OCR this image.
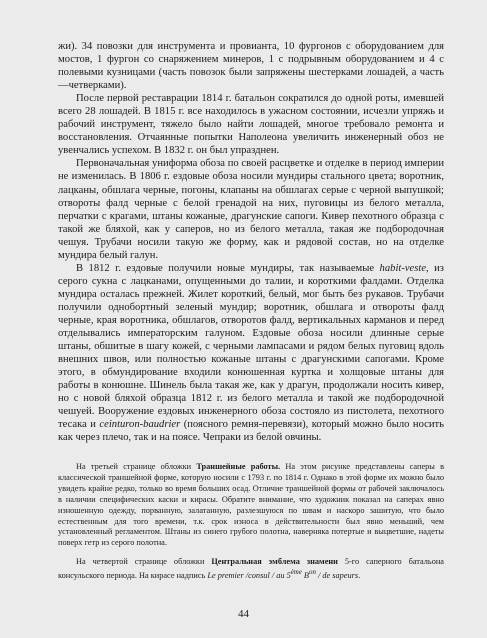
жи). 34 повозки для инструмента и провианта, 10 фургонов с оборудованием для мостов, 1 фургон со снаряжением минеров, 1 с подрывным оборудованием и 4 с полевыми кузницами (часть повозок были запряжены шестерками лошадей, а часть —четверками).

После первой реставрации 1814 г. батальон сократился до одной роты, имевшей всего 28 лошадей. В 1815 г. все находилось в ужасном состоянии, исчезли упряжь и рабочий инструмент, тяжело было найти лошадей, многое требовало ремонта и восстановления. Отчаянные попытки Наполеона увеличить инженерный обоз не увенчались успехом. В 1832 г. он был упразднен.

Первоначальная униформа обоза по своей расцветке и отделке в период империи не изменилась. В 1806 г. ездовые обоза носили мундиры стального цвета; воротник, лацканы, обшлага черные, погоны, клапаны на обшлагах серые с черной выпушкой; отвороты фалд черные с белой гренадой на них, пуговицы из белого металла, перчатки с крагами, штаны кожаные, драгунские сапоги. Кивер пехотного образца с такой же бляхой, как у саперов, но из белого металла, такая же подбородочная чешуя. Трубачи носили такую же форму, как и рядовой состав, но на отделке мундира белый галун.

В 1812 г. ездовые получили новые мундиры, так называемые habit-veste, из серого сукна с лацканами, опущенными до талии, и короткими фалдами. Отделка мундира осталась прежней. Жилет короткий, белый, мог быть без рукавов. Трубачи получили однобортный зеленый мундир; воротник, обшлага и отвороты фалд черные, края воротника, обшлагов, отворотов фалд, вертикальных карманов и перед отделывались императорским галуном. Ездовые обоза носили длинные серые штаны, обшитые в шагу кожей, с черными лампасами и рядом белых пуговиц вдоль внешних швов, или полностью кожаные штаны с драгунскими сапогами. Кроме этого, в обмундирование входили конюшенная куртка и холщовые штаны для работы в конюшне. Шинель была такая же, как у драгун, продолжали носить кивер, но с новой бляхой образца 1812 г. из белого металла и такой же подбородочной чешуей. Вооружение ездовых инженерного обоза состояло из пистолета, пехотного тесака и ceinturon-baudrier (поясного ремня-перевязи), который можно было носить как через плечо, так и на поясе. Чепраки из белой овчины.

На третьей странице обложки Траншейные работы. На этом рисунке представлены саперы в классической траншейной форме, которую носили с 1793 г. по 1814 г. Однако в этой форме их можно было увидеть крайне редко, только во время больших осад. Отличие траншейной формы от рабочей заключалось в наличии специфических каски и кирасы. Обратите внимание, что художник показал на саперах явно изношенную одежду, порванную, залатанную, разлезшуюся по швам и наскоро зашитую, что было естественным для того времени, т.к. срок износа в действительности был явно меньший, чем установленный регламентом. Штаны из синего грубого полотна, наверняка потертые и выцветшие, надеты поверх гетр из серого полотна.

На четвертой странице обложки Центральная эмблема знамени 5-го саперного батальона консульского периода. На кирасе надпись Le premier /consul / au 5ème $B^{on}$ / de sapeurs.

44
